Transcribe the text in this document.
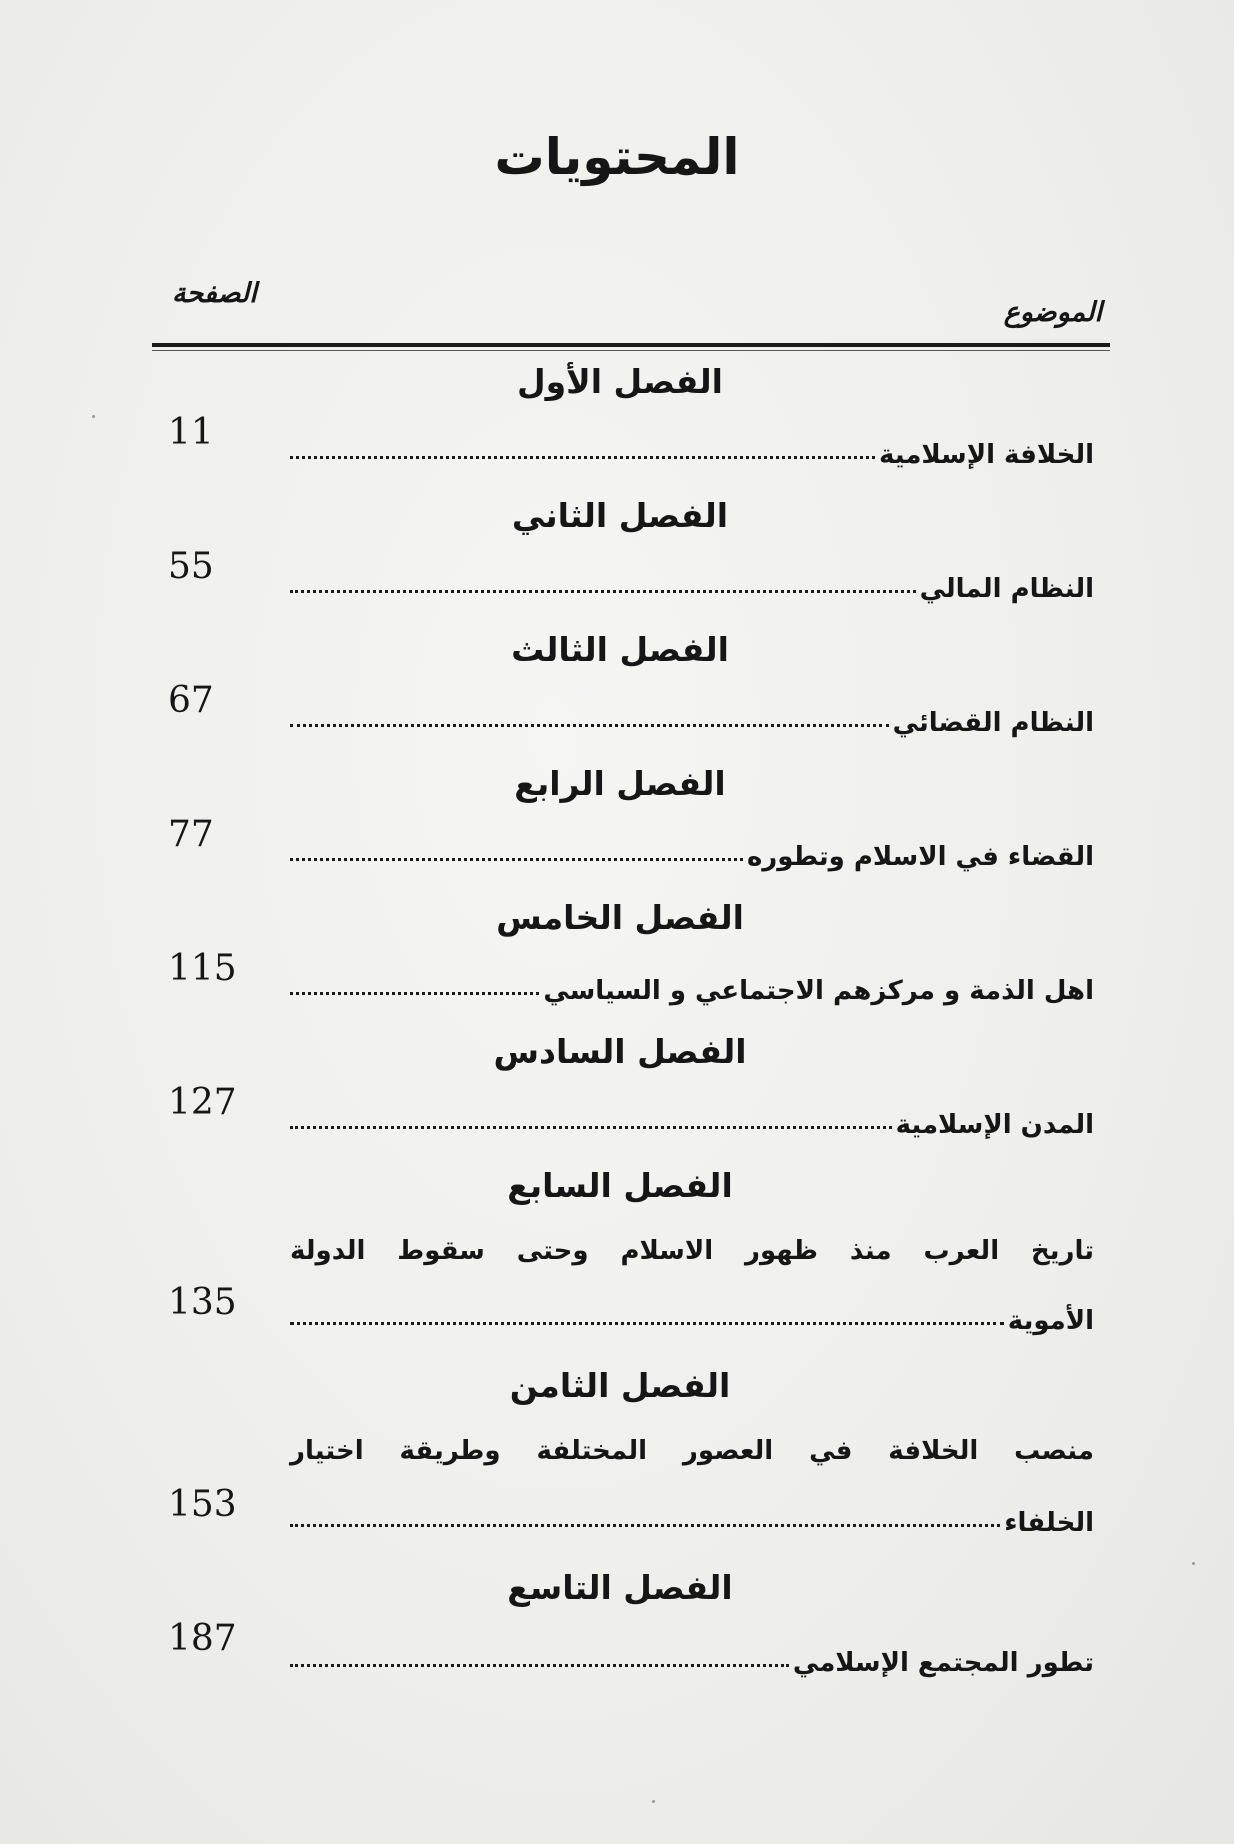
المحتويات
الموضوع
الصفحة
الفصل الأول
11
الخلافة الإسلامية
الفصل الثاني
55
النظام المالي
الفصل الثالث
67
النظام القضائي
الفصل الرابع
77
القضاء في الاسلام وتطوره
الفصل الخامس
115
اهل الذمة و مركزهم الاجتماعي و السياسي
الفصل السادس
127
المدن الإسلامية
الفصل السابع
تاريخ العرب منذ ظهور الاسلام وحتى سقوط الدولة
135	الأموية
الفصل الثامن
منصب الخلافة في العصور المختلفة وطريقة اختيار
153	الخلفاء
الفصل التاسع
187
تطور المجتمع الإسلامي
